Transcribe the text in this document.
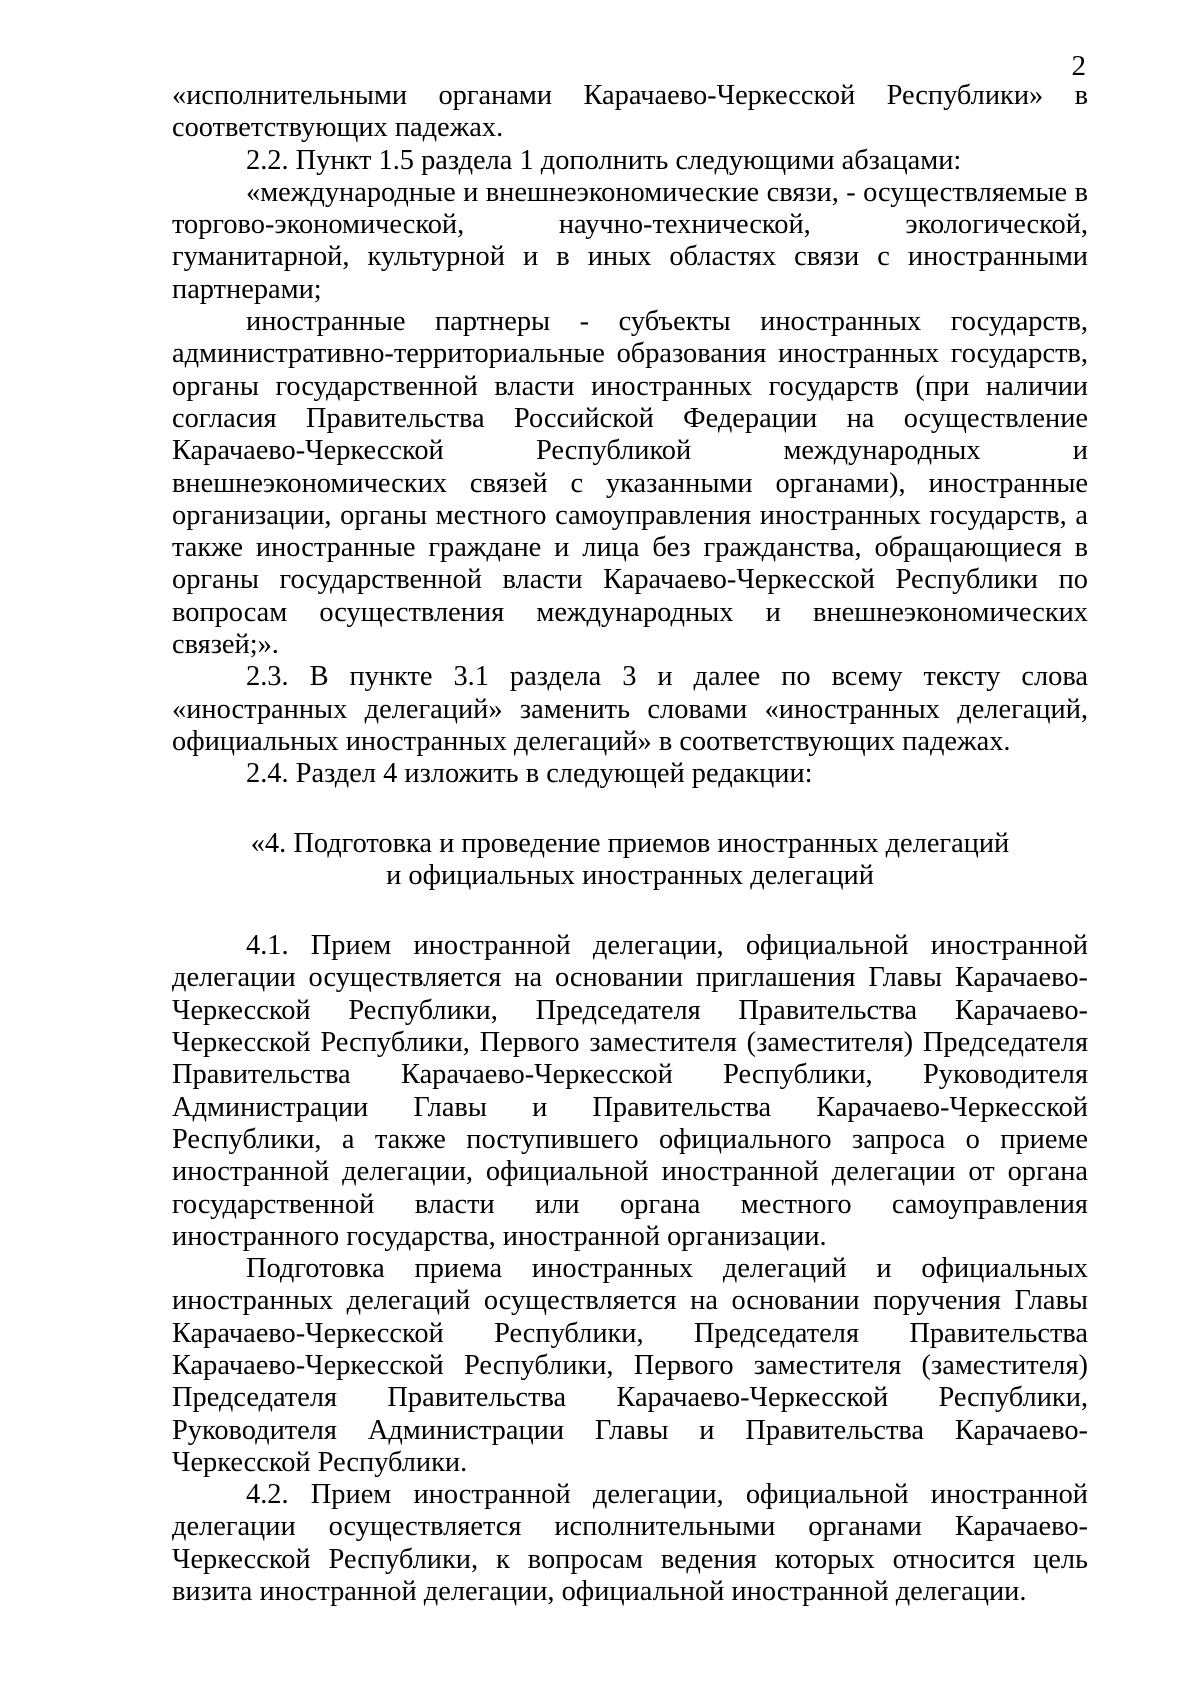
2

«исполнительными органами Карачаево-Черкесской Республики» в соответствующих падежах.

2.2. Пункт 1.5 раздела 1 дополнить следующими абзацами:

«международные и внешнеэкономические связи, - осуществляемые в торгово-экономической, научно-технической, экологической, гуманитарной, культурной и в иных областях связи с иностранными партнерами;

иностранные партнеры - субъекты иностранных государств, административно-территориальные образования иностранных государств, органы государственной власти иностранных государств (при наличии согласия Правительства Российской Федерации на осуществление Карачаево-Черкесской Республикой международных и внешнеэкономических связей с указанными органами), иностранные организации, органы местного самоуправления иностранных государств, а также иностранные граждане и лица без гражданства, обращающиеся в органы государственной власти Карачаево-Черкесской Республики по вопросам осуществления международных и внешнеэкономических связей;».

2.3. В пункте 3.1 раздела 3 и далее по всему тексту слова «иностранных делегаций» заменить словами «иностранных делегаций, официальных иностранных делегаций» в соответствующих падежах.

2.4. Раздел 4 изложить в следующей редакции:

«4. Подготовка и проведение приемов иностранных делегаций
и официальных иностранных делегаций

4.1. Прием иностранной делегации, официальной иностранной делегации осуществляется на основании приглашения Главы Карачаево-Черкесской Республики, Председателя Правительства Карачаево-Черкесской Республики, Первого заместителя (заместителя) Председателя Правительства Карачаево-Черкесской Республики, Руководителя Администрации Главы и Правительства Карачаево-Черкесской Республики, а также поступившего официального запроса о приеме иностранной делегации, официальной иностранной делегации от органа государственной власти или органа местного самоуправления иностранного государства, иностранной организации.

Подготовка приема иностранных делегаций и официальных иностранных делегаций осуществляется на основании поручения Главы Карачаево-Черкесской Республики, Председателя Правительства Карачаево-Черкесской Республики, Первого заместителя (заместителя) Председателя Правительства Карачаево-Черкесской Республики, Руководителя Администрации Главы и Правительства Карачаево-Черкесской Республики.

4.2. Прием иностранной делегации, официальной иностранной делегации осуществляется исполнительными органами Карачаево-Черкесской Республики, к вопросам ведения которых относится цель визита иностранной делегации, официальной иностранной делегации.
